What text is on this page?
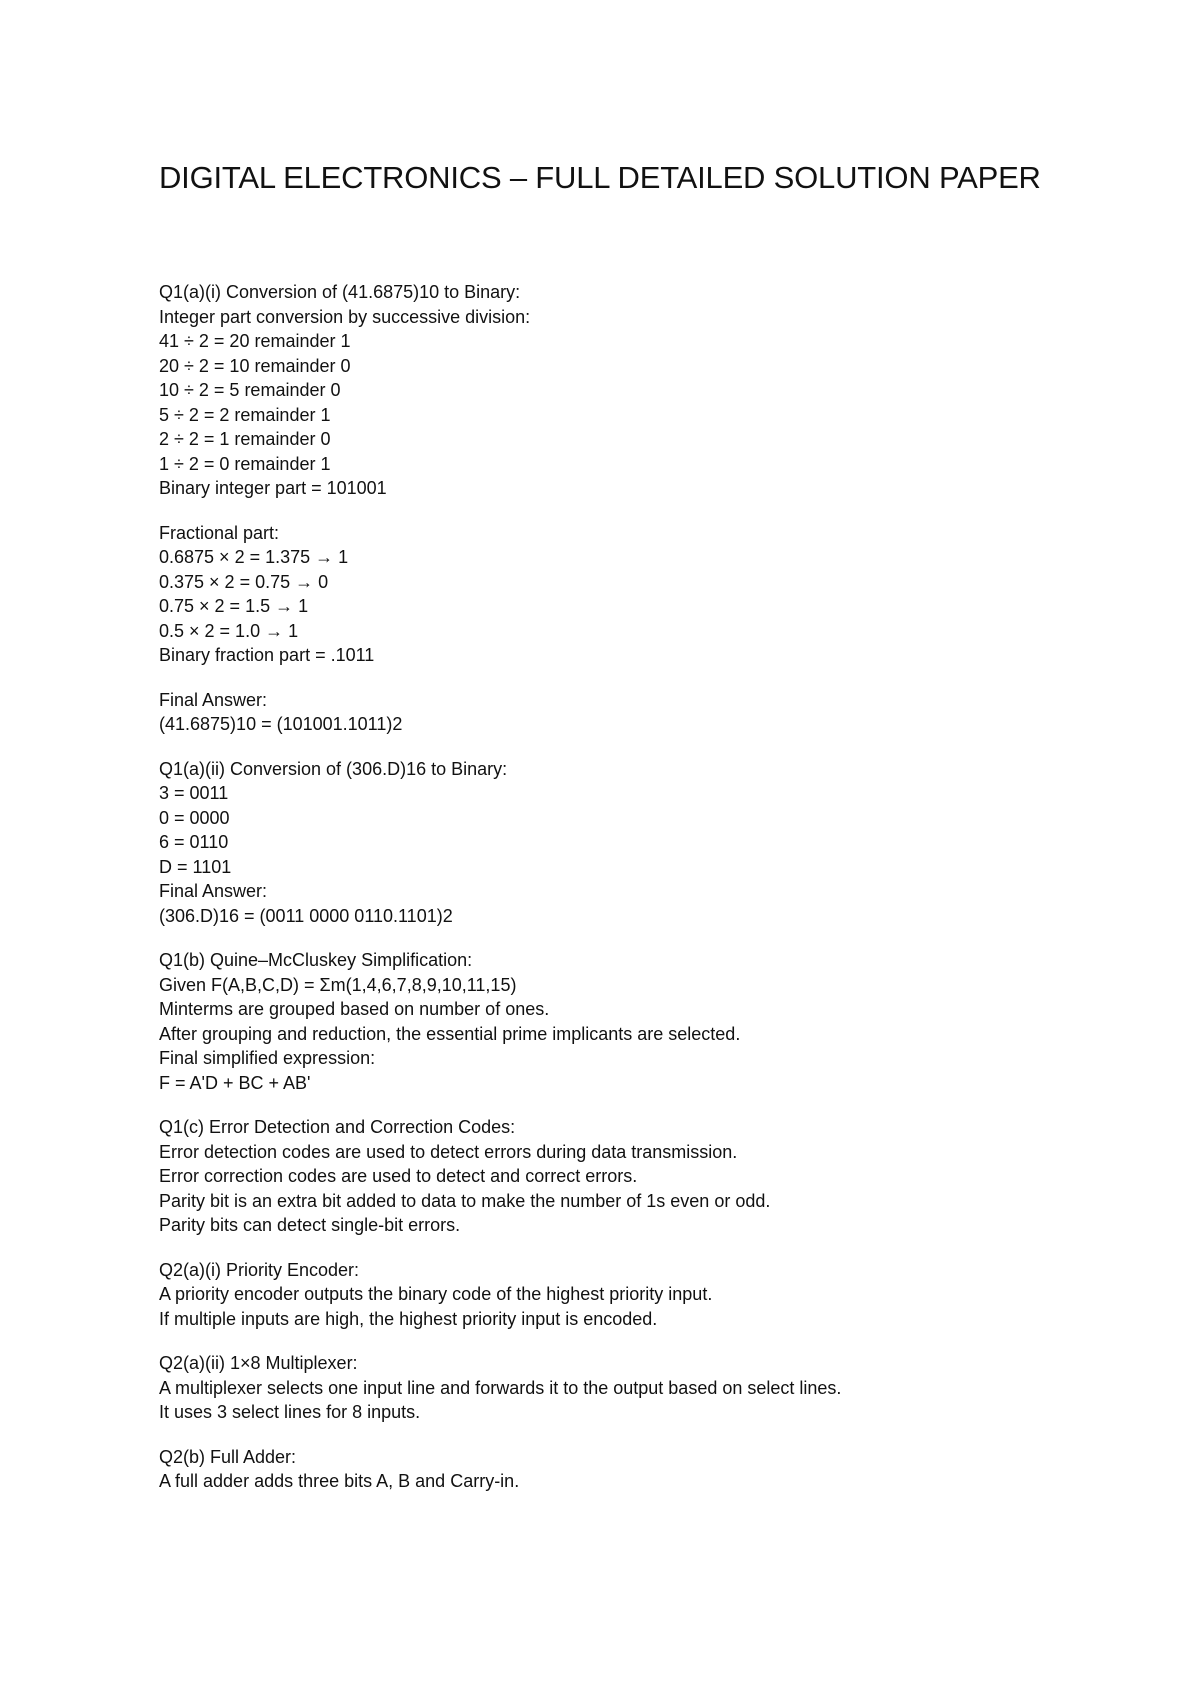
DIGITAL ELECTRONICS – FULL DETAILED SOLUTION PAPER

Q1(a)(i) Conversion of (41.6875)10 to Binary:

Integer part conversion by successive division:

41 ÷ 2 = 20 remainder 1

20 ÷ 2 = 10 remainder 0

10 ÷ 2 = 5 remainder 0

5 ÷ 2 = 2 remainder 1

2 ÷ 2 = 1 remainder 0

1 ÷ 2 = 0 remainder 1

Binary integer part = 101001

Fractional part:

0.6875 × 2 = 1.375 → 1

0.375 × 2 = 0.75 → 0

0.75 × 2 = 1.5 → 1

0.5 × 2 = 1.0 → 1

Binary fraction part = .1011

Final Answer:

(41.6875)10 = (101001.1011)2

Q1(a)(ii) Conversion of (306.D)16 to Binary:

3 = 0011

0 = 0000

6 = 0110

D = 1101

Final Answer:

(306.D)16 = (0011 0000 0110.1101)2

Q1(b) Quine–McCluskey Simplification:

Given F(A,B,C,D) = Σm(1,4,6,7,8,9,10,11,15)

Minterms are grouped based on number of ones.

After grouping and reduction, the essential prime implicants are selected.

Final simplified expression:

F = A'D + BC + AB'

Q1(c) Error Detection and Correction Codes:

Error detection codes are used to detect errors during data transmission.

Error correction codes are used to detect and correct errors.

Parity bit is an extra bit added to data to make the number of 1s even or odd.

Parity bits can detect single-bit errors.

Q2(a)(i) Priority Encoder:

A priority encoder outputs the binary code of the highest priority input.

If multiple inputs are high, the highest priority input is encoded.

Q2(a)(ii) 1×8 Multiplexer:

A multiplexer selects one input line and forwards it to the output based on select lines.

It uses 3 select lines for 8 inputs.

Q2(b) Full Adder:

A full adder adds three bits A, B and Carry-in.
